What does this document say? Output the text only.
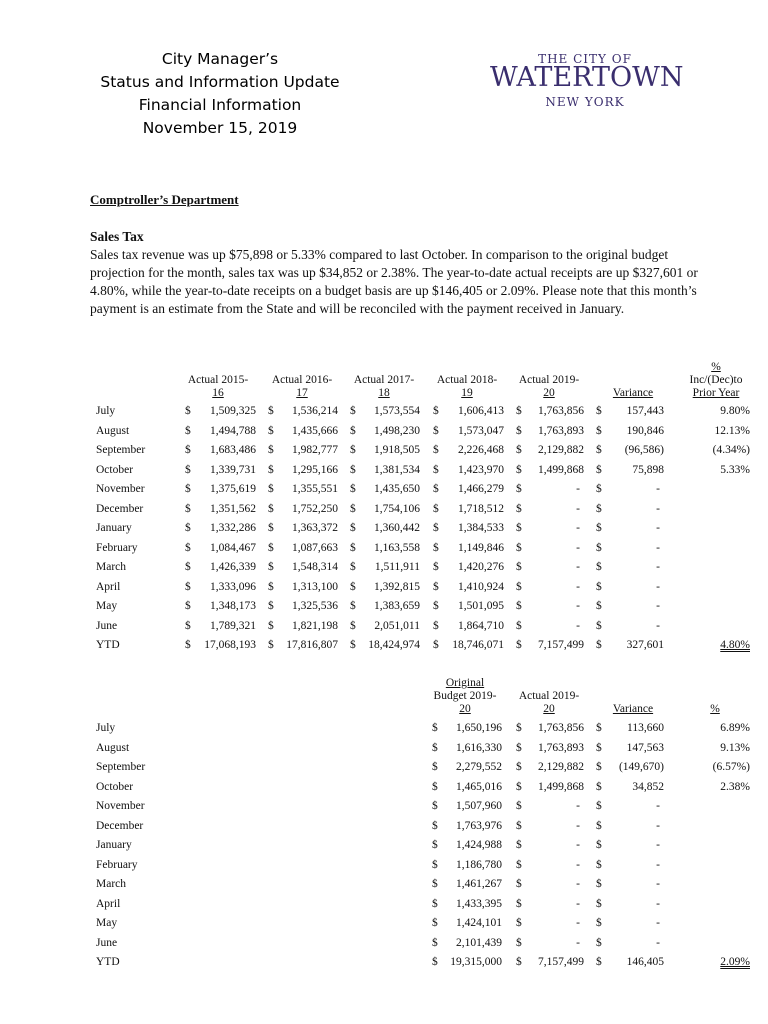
City Manager’s
Status and Information Update
Financial Information
November 15, 2019
THE CITY OF
WATERTOWN
NEW YORK
Comptroller’s Department
Sales Tax

Sales tax revenue was up $75,898 or 5.33% compared to last October. In comparison to the original budget projection for the month, sales tax was up $34,852 or 2.38%. The year-to-date actual receipts are up $327,601 or 4.80%, while the year-to-date receipts on a budget basis are up $146,405 or 2.09%. Please note that this month’s payment is an estimate from the State and will be reconciled with the payment received in January.

Actual 2015-
16
Actual 2016-
17
Actual 2017-
18
Actual 2018-
19
Actual 2019-
20	Variance
%
Inc/(Dec)to
Prior Year
July	$ 1,509,325 $ 1,536,214 $ 1,573,554 $ 1,606,413 $ 1,763,856 $ 157,443	9.80%
August	$ 1,494,788 $ 1,435,666 $ 1,498,230 $ 1,573,047 $ 1,763,893 $ 190,846	12.13%
September	$ 1,683,486 $ 1,982,777 $ 1,918,505 $ 2,226,468 $ 2,129,882 $ (96,586)	(4.34%)
October	$ 1,339,731 $ 1,295,166 $ 1,381,534 $ 1,423,970 $ 1,499,868 $	75,898	5.33%
November	$ 1,375,619 $ 1,355,551 $ 1,435,650 $ 1,466,279 $	- $	-
December	$ 1,351,562 $ 1,752,250 $ 1,754,106 $ 1,718,512 $	- $	-
January	$ 1,332,286 $ 1,363,372 $ 1,360,442 $ 1,384,533 $	- $	-
February	$ 1,084,467 $ 1,087,663 $ 1,163,558 $ 1,149,846 $	- $	-
March	$ 1,426,339 $ 1,548,314 $ 1,511,911 $ 1,420,276 $	- $	-
April	$ 1,333,096 $ 1,313,100 $ 1,392,815 $ 1,410,924 $	- $	-
May	$ 1,348,173 $ 1,325,536 $ 1,383,659 $ 1,501,095 $	- $	-
June	$ 1,789,321 $ 1,821,198 $ 2,051,011 $ 1,864,710 $	- $	-
YTD	$ 17,068,193 $ 17,816,807 $ 18,424,974 $ 18,746,071 $ 7,157,499 $ 327,601	4.80%
Original
Budget 2019-
20
Actual 2019-
20	Variance	%
July	$ 1,650,196 $ 1,763,856 $ 113,660	6.89%
August	$ 1,616,330 $ 1,763,893 $ 147,563	9.13%
September	$ 2,279,552 $ 2,129,882 $ (149,670)	(6.57%)
October	$ 1,465,016 $ 1,499,868 $	34,852	2.38%
November	$ 1,507,960 $	- $	-
December	$ 1,763,976 $	- $	-
January	$ 1,424,988 $	- $	-
February	$ 1,186,780 $	- $	-
March	$ 1,461,267 $	- $	-
April	$ 1,433,395 $	- $	-
May	$ 1,424,101 $	- $	-
June	$ 2,101,439 $	- $	-
YTD	$ 19,315,000 $ 7,157,499 $ 146,405	2.09%
